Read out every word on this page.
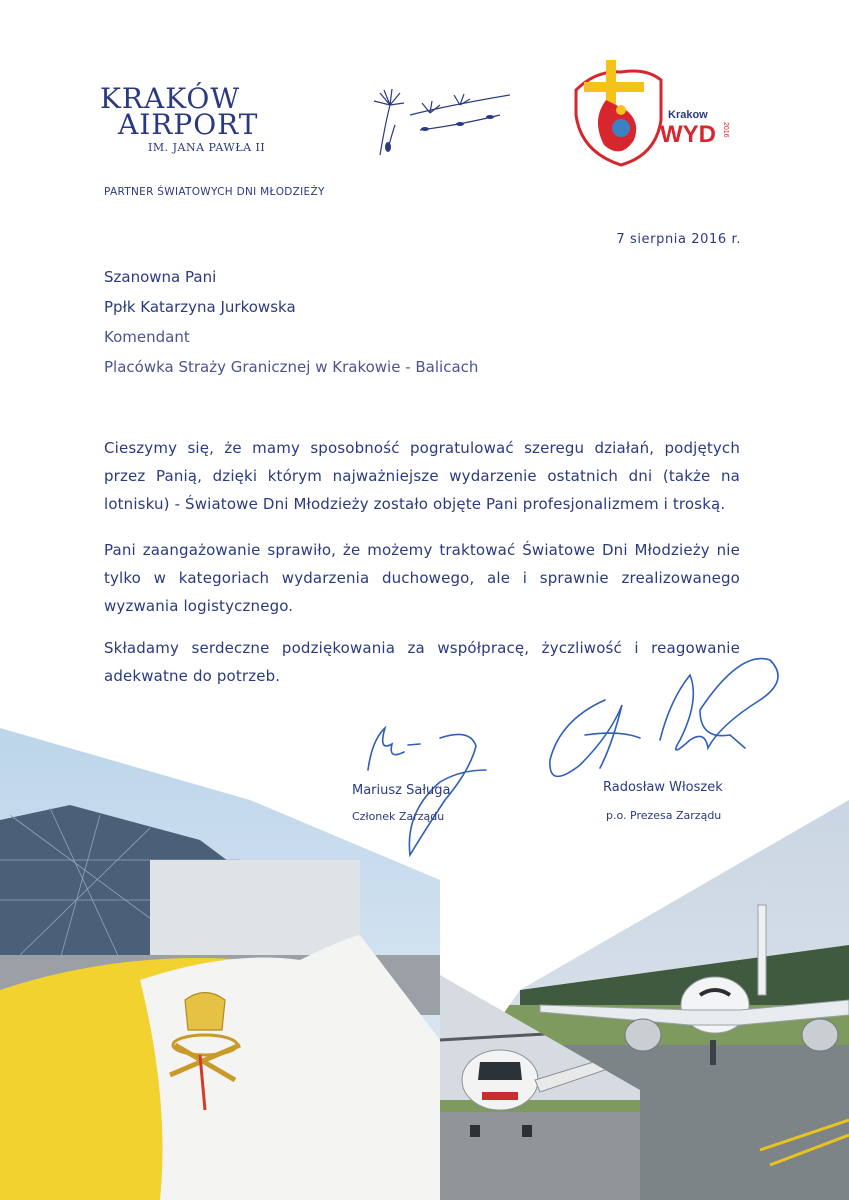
KRAKÓW
AIRPORT
IM. JANA PAWŁA II
PARTNER ŚWIATOWYCH DNI MŁODZIEŻY
Krakow
WYD 2016
7 sierpnia 2016 r.
Szanowna Pani
Ppłk Katarzyna Jurkowska
Komendant
Placówka Straży Granicznej w Krakowie - Balicach
Cieszymy się, że mamy sposobność pogratulować szeregu działań, podjętych przez Panią, dzięki którym najważniejsze wydarzenie ostatnich dni (także na lotnisku) - Światowe Dni Młodzieży zostało objęte Pani profesjonalizmem i troską.
Pani zaangażowanie sprawiło, że możemy traktować Światowe Dni Młodzieży nie tylko w kategoriach wydarzenia duchowego, ale i sprawnie zrealizowanego wyzwania logistycznego.
Składamy serdeczne podziękowania za współpracę, życzliwość i reagowanie adekwatne do potrzeb.
Mariusz Saługa
Członek Zarządu
Radosław Włoszek
p.o. Prezesa Zarządu
